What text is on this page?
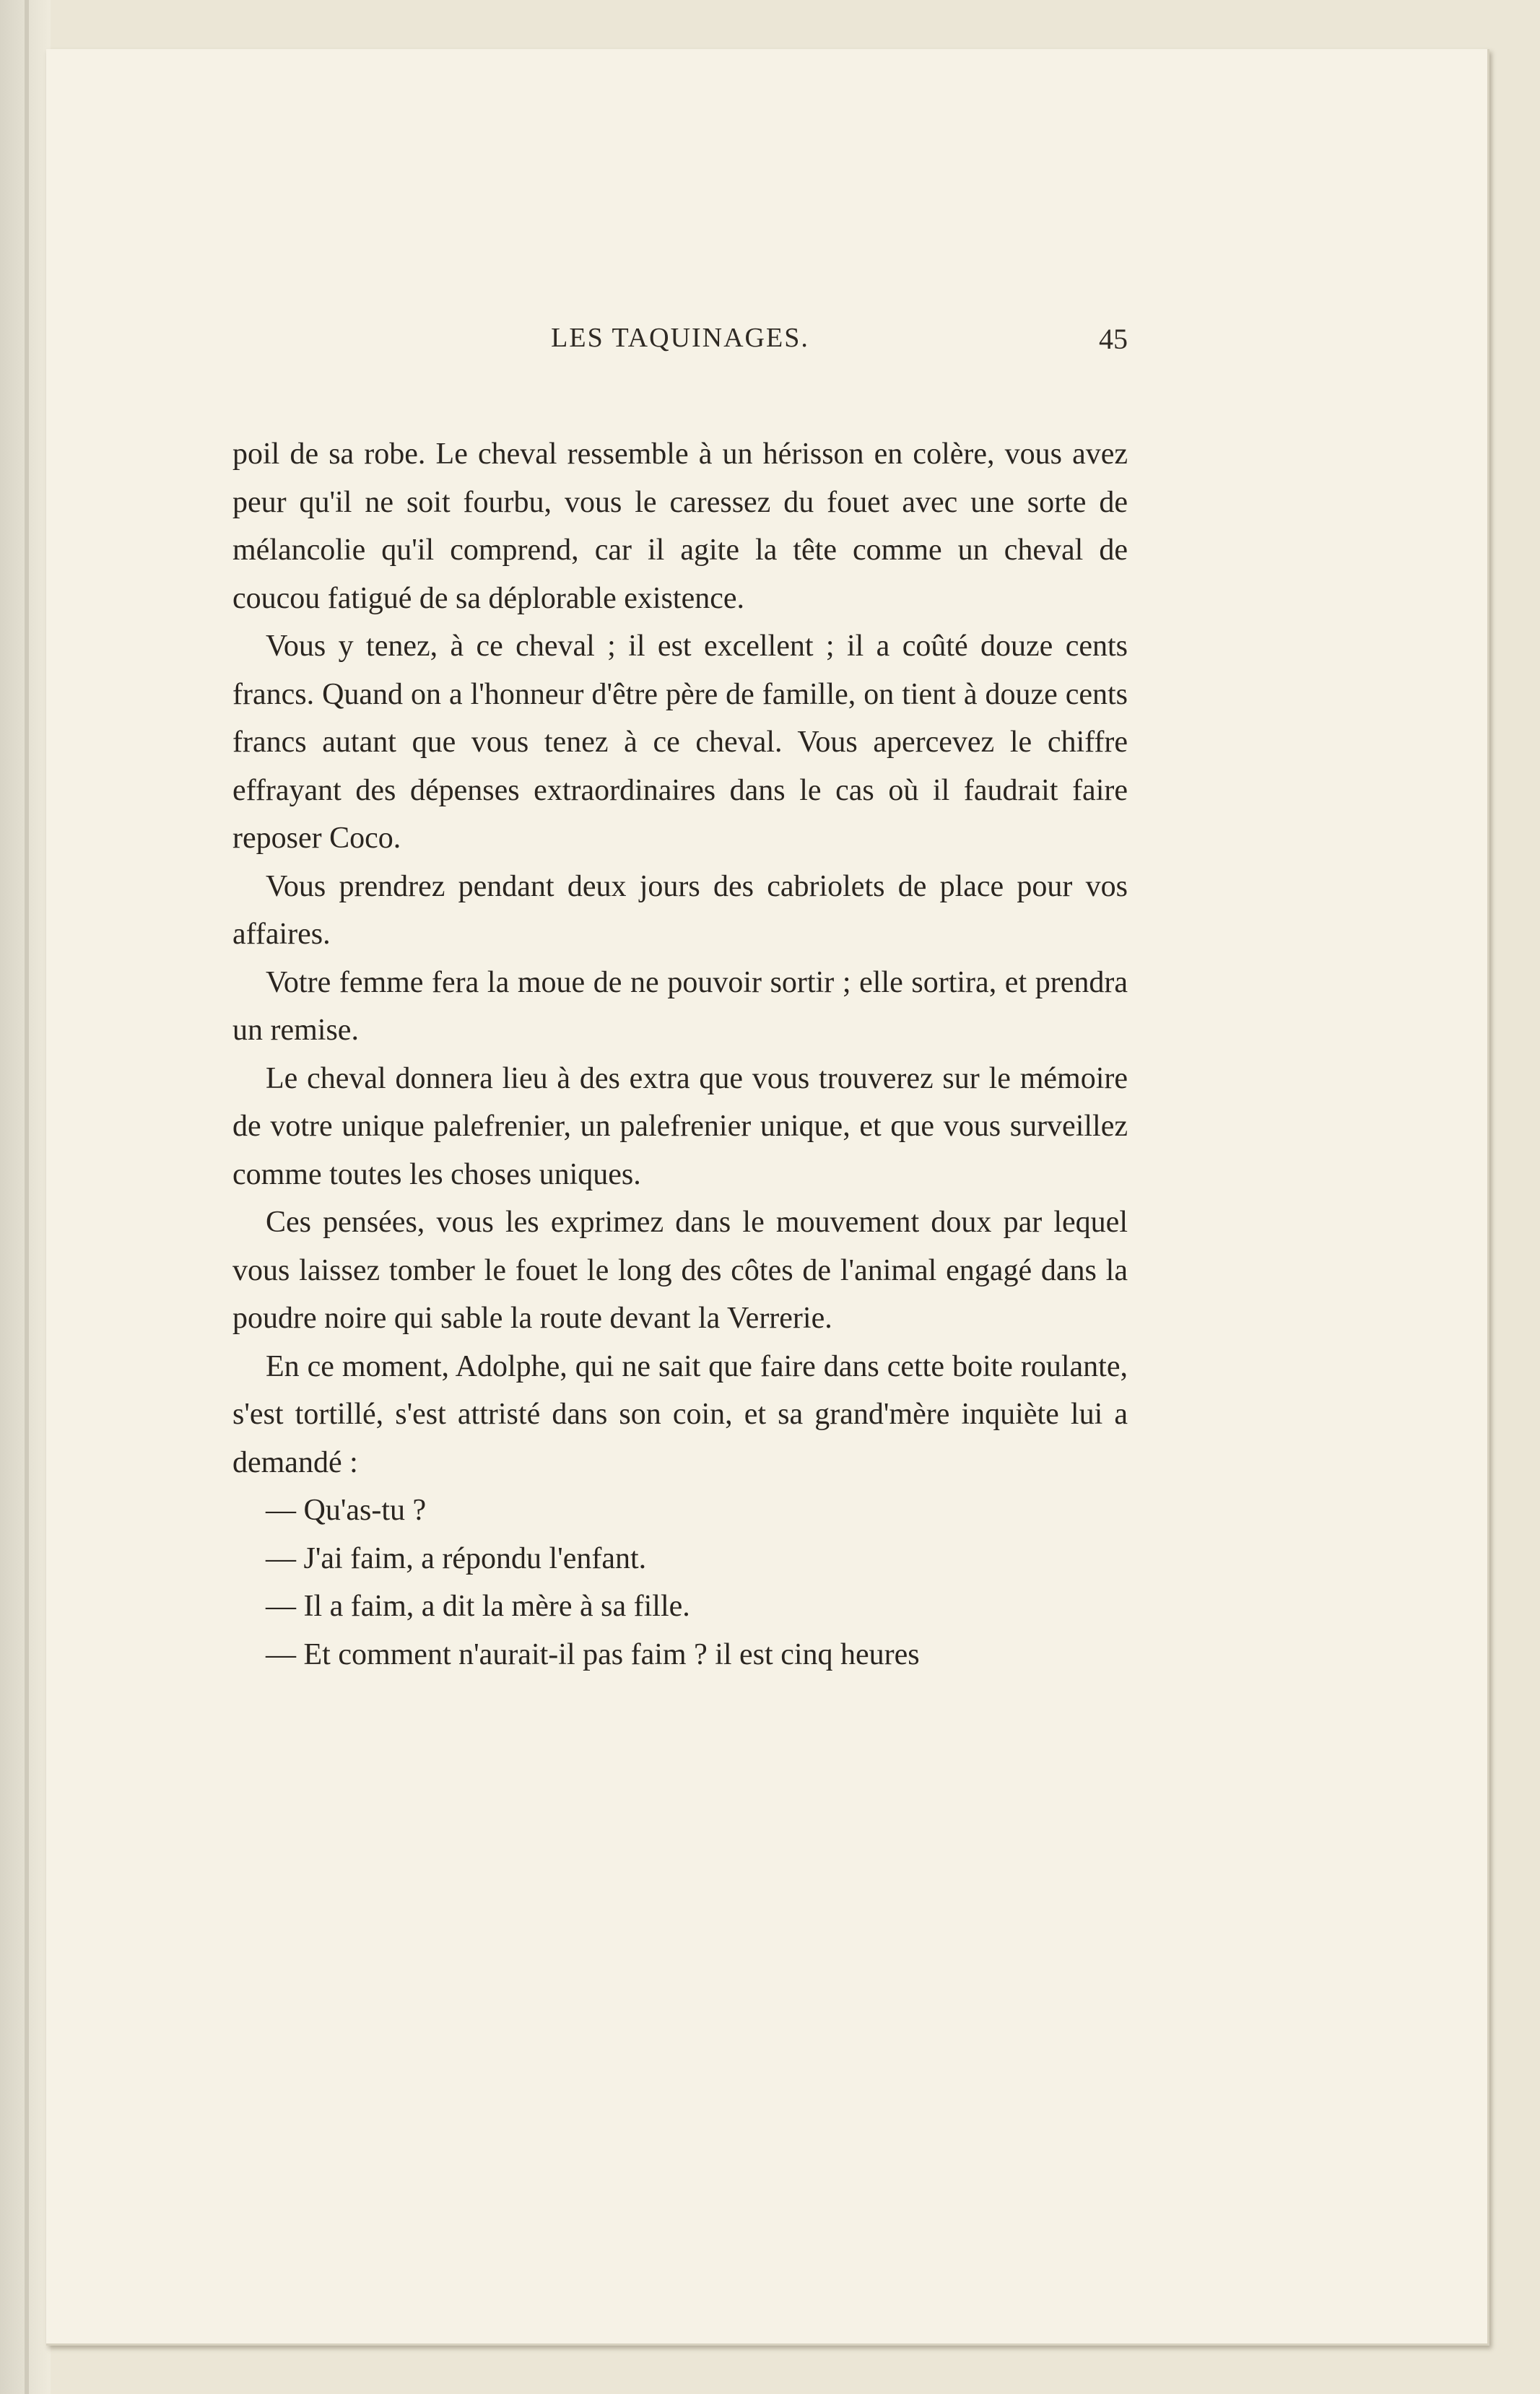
LES TAQUINAGES.	45

poil de sa robe. Le cheval ressemble à un hérisson en colère, vous avez peur qu'il ne soit fourbu, vous le caressez du fouet avec une sorte de mélancolie qu'il comprend, car il agite la tête comme un cheval de coucou fatigué de sa déplorable existence.

Vous y tenez, à ce cheval ; il est excellent ; il a coûté douze cents francs. Quand on a l'honneur d'être père de famille, on tient à douze cents francs autant que vous tenez à ce cheval. Vous apercevez le chiffre effrayant des dépenses extraordinaires dans le cas où il faudrait faire reposer Coco.

Vous prendrez pendant deux jours des cabriolets de place pour vos affaires.

Votre femme fera la moue de ne pouvoir sortir ; elle sortira, et prendra un remise.

Le cheval donnera lieu à des extra que vous trouverez sur le mémoire de votre unique palefrenier, un palefrenier unique, et que vous surveillez comme toutes les choses uniques.

Ces pensées, vous les exprimez dans le mouvement doux par lequel vous laissez tomber le fouet le long des côtes de l'animal engagé dans la poudre noire qui sable la route devant la Verrerie.

En ce moment, Adolphe, qui ne sait que faire dans cette boite roulante, s'est tortillé, s'est attristé dans son coin, et sa grand'mère inquiète lui a demandé :

— Qu'as-tu ?

— J'ai faim, a répondu l'enfant.

— Il a faim, a dit la mère à sa fille.

— Et comment n'aurait-il pas faim ? il est cinq heures
